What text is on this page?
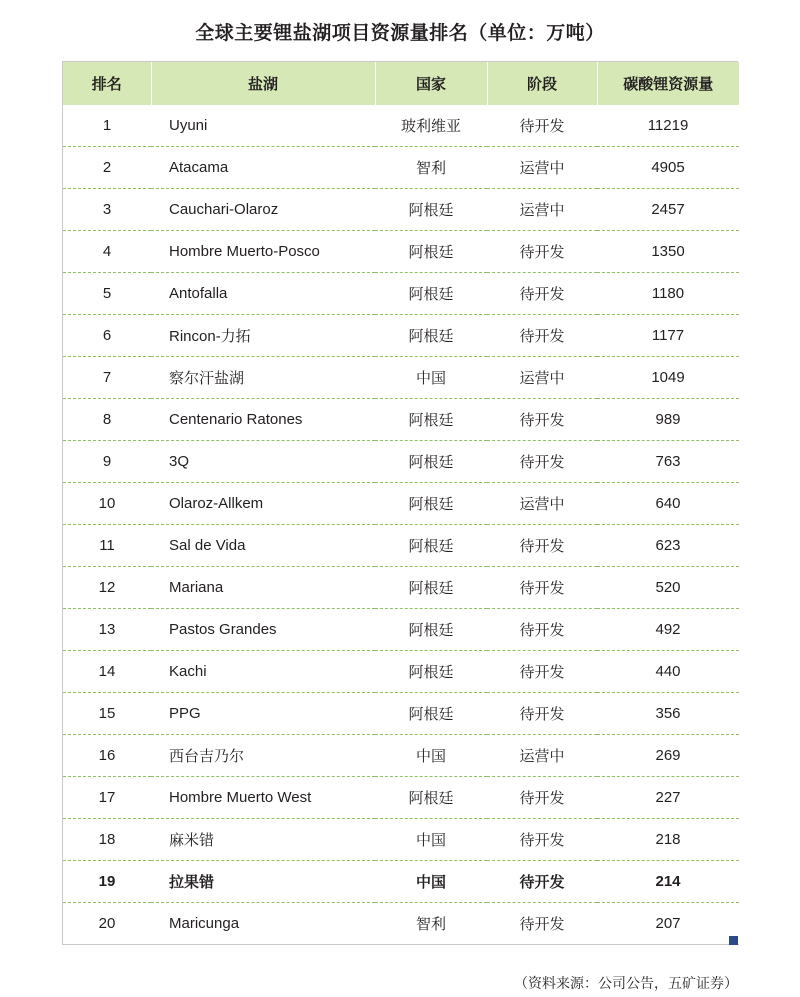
全球主要锂盐湖项目资源量排名（单位：万吨）
排名	盐湖	国家	阶段	碳酸锂资源量
1	Uyuni	玻利维亚	待开发	11219
2	Atacama	智利	运营中	4905
3	Cauchari-Olaroz	阿根廷	运营中	2457
4	Hombre Muerto-Posco	阿根廷	待开发	1350
5	Antofalla	阿根廷	待开发	1180
6	Rincon-力拓	阿根廷	待开发	1177
7	察尔汗盐湖	中国	运营中	1049
8	Centenario Ratones	阿根廷	待开发	989
9	3Q	阿根廷	待开发	763
10	Olaroz-Allkem	阿根廷	运营中	640
11	Sal de Vida	阿根廷	待开发	623
12	Mariana	阿根廷	待开发	520
13	Pastos Grandes	阿根廷	待开发	492
14	Kachi	阿根廷	待开发	440
15	PPG	阿根廷	待开发	356
16	西台吉乃尔	中国	运营中	269
17	Hombre Muerto West	阿根廷	待开发	227
18	麻米错	中国	待开发	218
19	拉果错	中国	待开发	214
20	Maricunga	智利	待开发	207
（资料来源：公司公告，五矿证券）
